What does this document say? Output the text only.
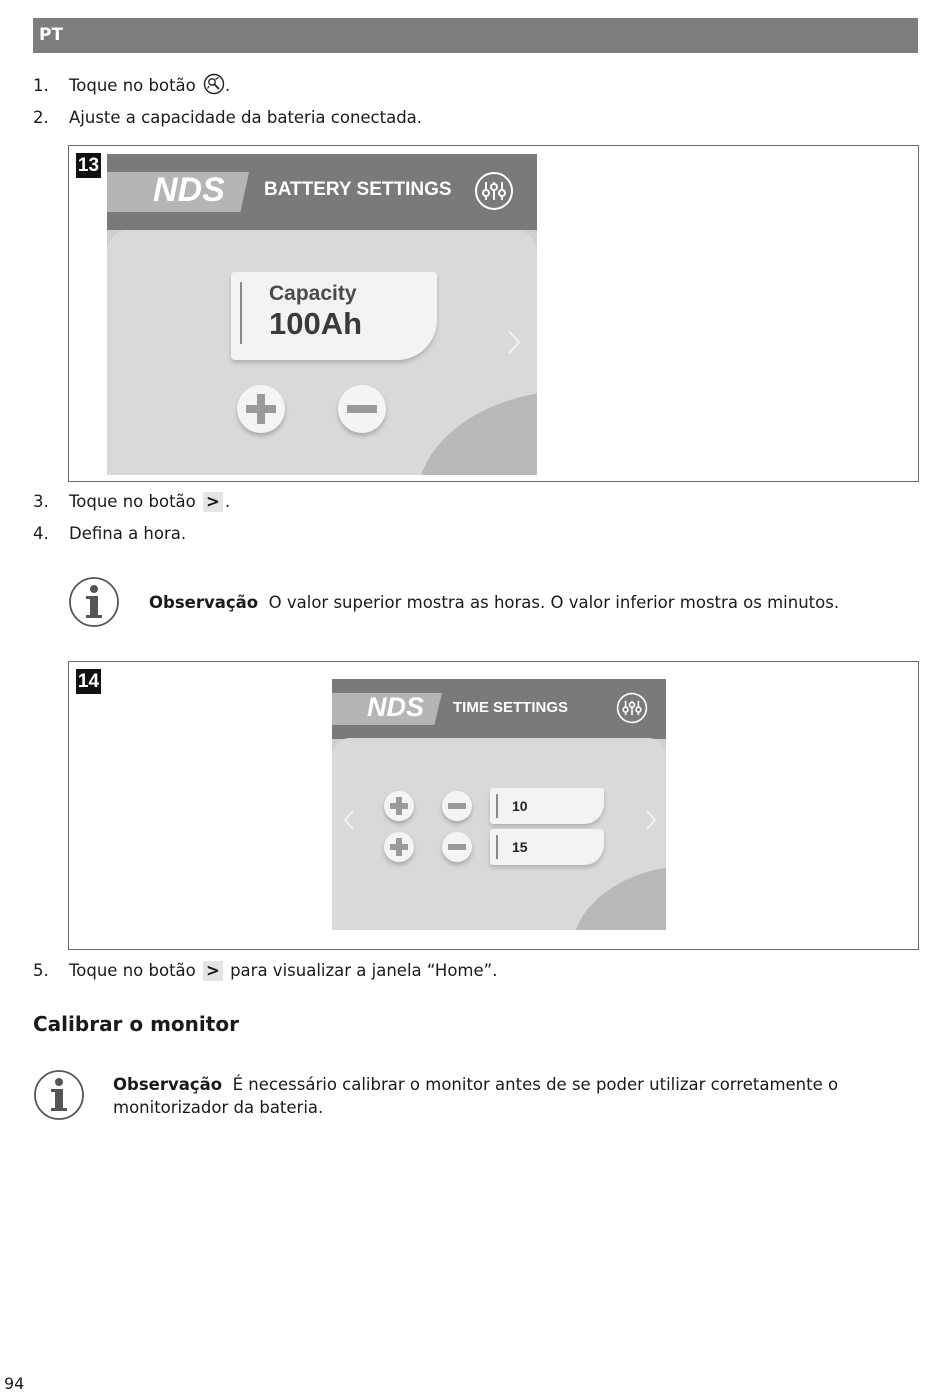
PT
1. Toque no botão .
2. Ajuste a capacidade da bateria conectada.
13
NDS BATTERY SETTINGS
Capacity
100Ah
3. Toque no botão > .
4. Defina a hora.
Observação O valor superior mostra as horas. O valor inferior mostra os minutos.
14
NDS TIME SETTINGS
10
15
5. Toque no botão > para visualizar a janela “Home”.
Calibrar o monitor
Observação É necessário calibrar o monitor antes de se poder utilizar corretamente o monitorizador da bateria.
94
